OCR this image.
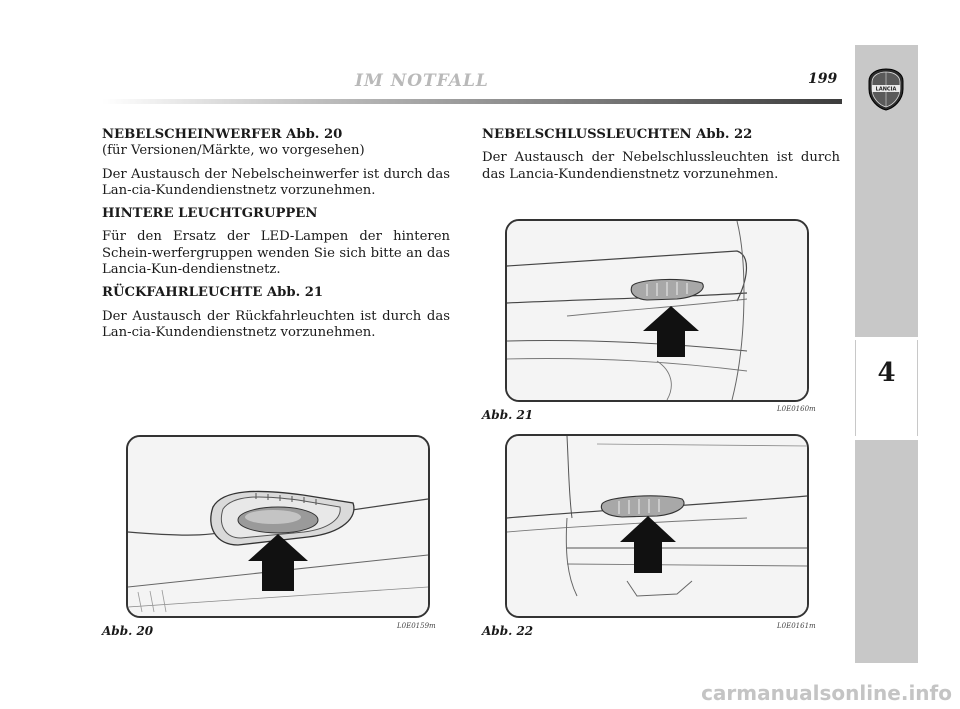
IM NOTFALL	199
4
LANCIA
NEBELSCHEINWERFER Abb. 20

(für Versionen/Märkte, wo vorgesehen)

Der Austausch der Nebelscheinwerfer ist durch das Lan-cia-Kundendienstnetz vorzunehmen.

HINTERE LEUCHTGRUPPEN

Für den Ersatz der LED-Lampen der hinteren Schein-werfergruppen wenden Sie sich bitte an das Lancia-Kun-dendienstnetz.

RÜCKFAHRLEUCHTE Abb. 21

Der Austausch der Rückfahrleuchten ist durch das Lan-cia-Kundendienstnetz vorzunehmen.

NEBELSCHLUSSLEUCHTEN Abb. 22

Der Austausch der Nebelschlussleuchten ist durch das Lancia-Kundendienstnetz vorzunehmen.

Abb. 20	L0E0159m
Abb. 21	L0E0160m
Abb. 22	L0E0161m
carmanualsonline.info
